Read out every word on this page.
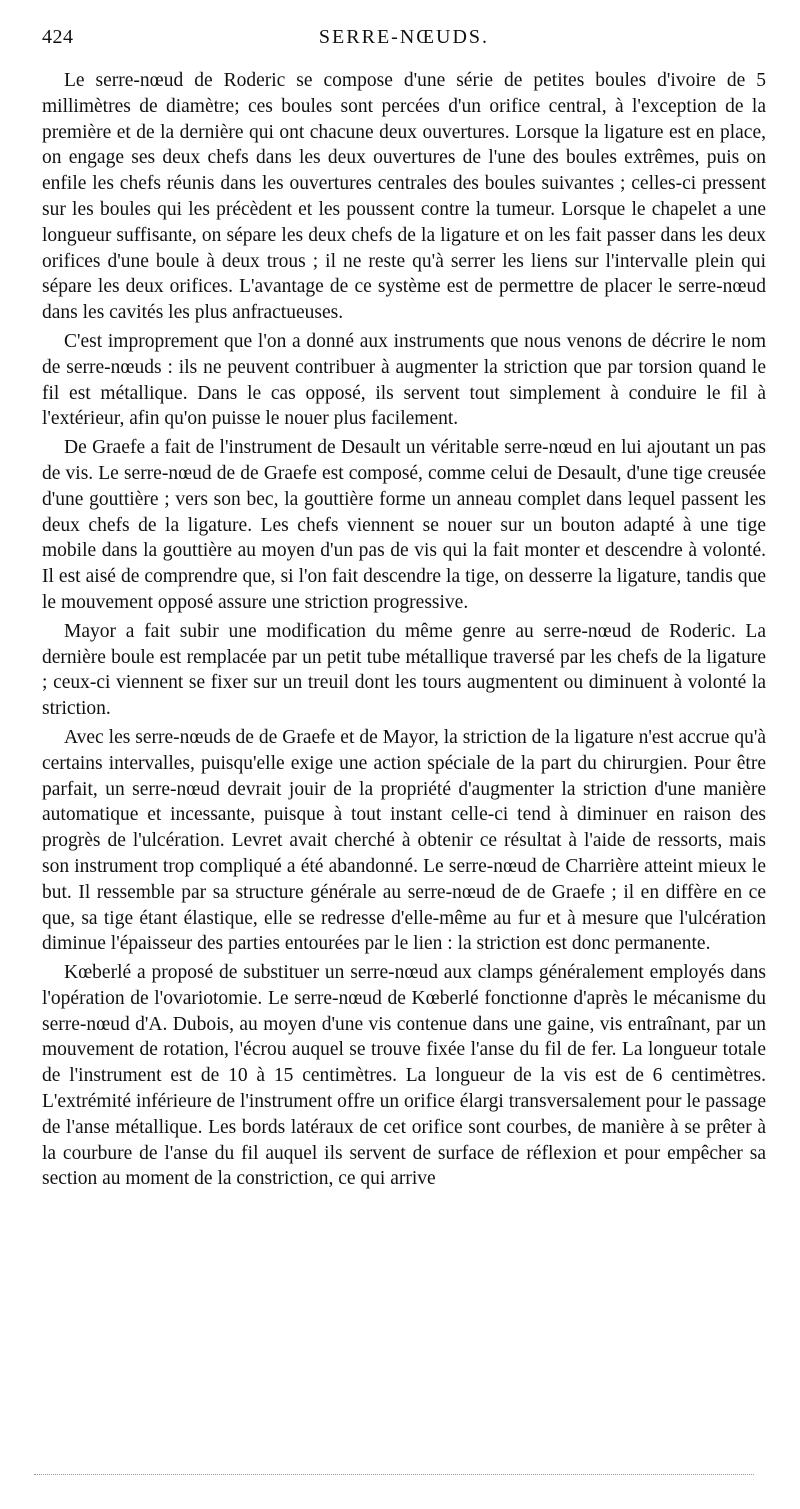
424	SERRE-NŒUDS.

Le serre-nœud de Roderic se compose d'une série de petites boules d'ivoire de 5 millimètres de diamètre; ces boules sont percées d'un orifice central, à l'exception de la première et de la dernière qui ont chacune deux ouvertures. Lorsque la ligature est en place, on engage ses deux chefs dans les deux ouvertures de l'une des boules extrêmes, puis on enfile les chefs réunis dans les ouvertures centrales des boules suivantes ; celles-ci pressent sur les boules qui les précèdent et les poussent contre la tumeur. Lorsque le chapelet a une longueur suffisante, on sépare les deux chefs de la ligature et on les fait passer dans les deux orifices d'une boule à deux trous ; il ne reste qu'à serrer les liens sur l'intervalle plein qui sépare les deux orifices. L'avantage de ce système est de permettre de placer le serre-nœud dans les cavités les plus anfractueuses.

C'est improprement que l'on a donné aux instruments que nous venons de décrire le nom de serre-nœuds : ils ne peuvent contribuer à augmenter la striction que par torsion quand le fil est métallique. Dans le cas opposé, ils servent tout simplement à conduire le fil à l'extérieur, afin qu'on puisse le nouer plus facilement.

De Graefe a fait de l'instrument de Desault un véritable serre-nœud en lui ajoutant un pas de vis. Le serre-nœud de de Graefe est composé, comme celui de Desault, d'une tige creusée d'une gouttière ; vers son bec, la gouttière forme un anneau complet dans lequel passent les deux chefs de la ligature. Les chefs viennent se nouer sur un bouton adapté à une tige mobile dans la gouttière au moyen d'un pas de vis qui la fait monter et descendre à volonté. Il est aisé de comprendre que, si l'on fait descendre la tige, on desserre la ligature, tandis que le mouvement opposé assure une striction progressive.

Mayor a fait subir une modification du même genre au serre-nœud de Roderic. La dernière boule est remplacée par un petit tube métallique traversé par les chefs de la ligature ; ceux-ci viennent se fixer sur un treuil dont les tours augmentent ou diminuent à volonté la striction.

Avec les serre-nœuds de de Graefe et de Mayor, la striction de la ligature n'est accrue qu'à certains intervalles, puisqu'elle exige une action spéciale de la part du chirurgien. Pour être parfait, un serre-nœud devrait jouir de la propriété d'augmenter la striction d'une manière automatique et incessante, puisque à tout instant celle-ci tend à diminuer en raison des progrès de l'ulcération. Levret avait cherché à obtenir ce résultat à l'aide de ressorts, mais son instrument trop compliqué a été abandonné. Le serre-nœud de Charrière atteint mieux le but. Il ressemble par sa structure générale au serre-nœud de de Graefe ; il en diffère en ce que, sa tige étant élastique, elle se redresse d'elle-même au fur et à mesure que l'ulcération diminue l'épaisseur des parties entourées par le lien : la striction est donc permanente.

Kœberlé a proposé de substituer un serre-nœud aux clamps généralement employés dans l'opération de l'ovariotomie. Le serre-nœud de Kœberlé fonctionne d'après le mécanisme du serre-nœud d'A. Dubois, au moyen d'une vis contenue dans une gaine, vis entraînant, par un mouvement de rotation, l'écrou auquel se trouve fixée l'anse du fil de fer. La longueur totale de l'instrument est de 10 à 15 centimètres. La longueur de la vis est de 6 centimètres. L'extrémité inférieure de l'instrument offre un orifice élargi transversalement pour le passage de l'anse métallique. Les bords latéraux de cet orifice sont courbes, de manière à se prêter à la courbure de l'anse du fil auquel ils servent de surface de réflexion et pour empêcher sa section au moment de la constriction, ce qui arrive
